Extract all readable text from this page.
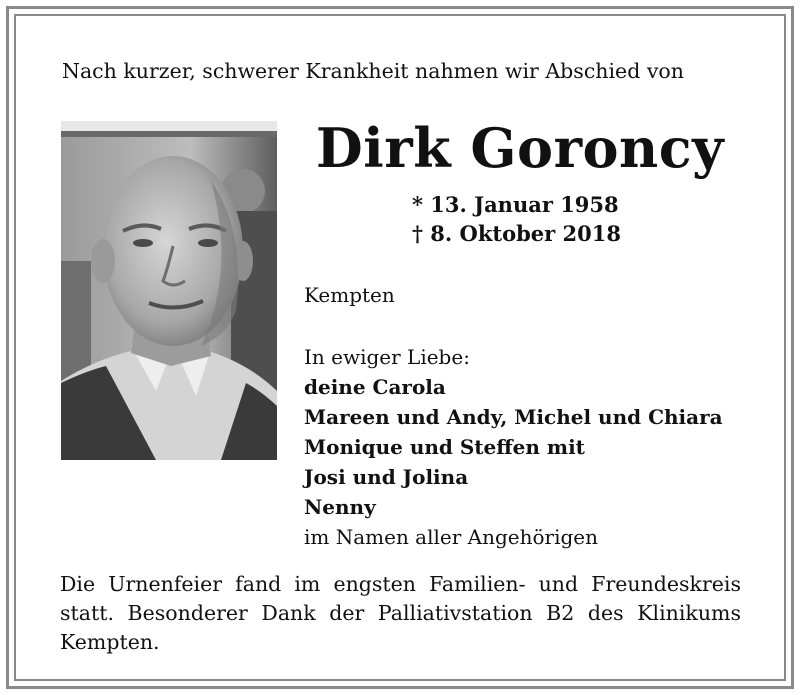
Nach kurzer, schwerer Krankheit nahmen wir Abschied von
Dirk Goroncy
* 13. Januar 1958
† 8. Oktober 2018
Kempten
In ewiger Liebe:
deine Carola
Mareen und Andy, Michel und Chiara
Monique und Steffen mit
Josi und Jolina
Nenny
im Namen aller Angehörigen
Die Urnenfeier fand im engsten Familien- und Freundeskreis statt. Besonderer Dank der Palliativstation B2 des Klinikums Kempten.
